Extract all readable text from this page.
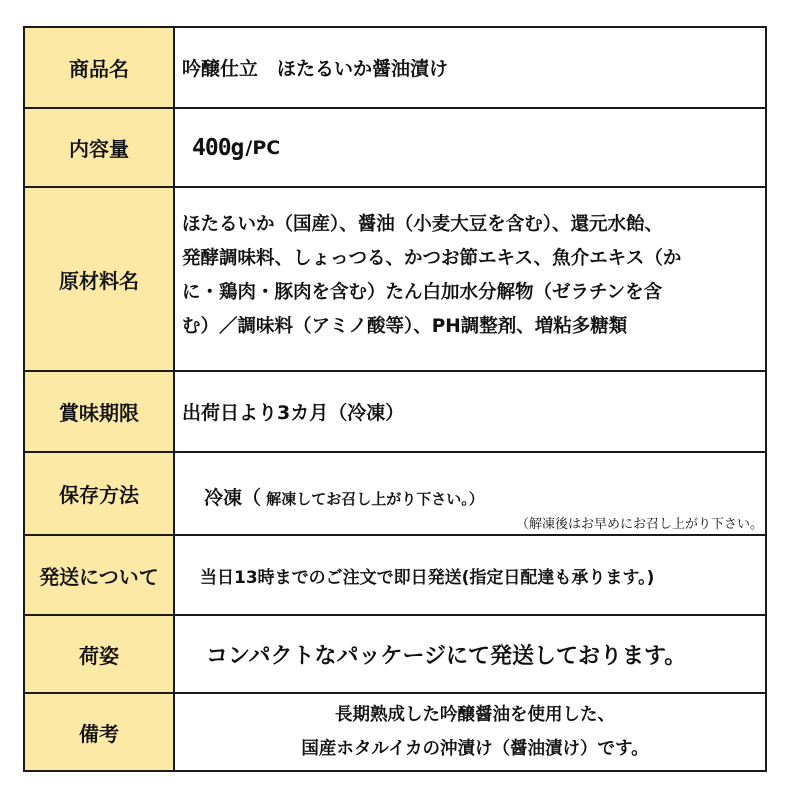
商品名	吟醸仕立　ほたるいか醤油漬け
内容量	400g /PC
原材料名
ほたるいか（国産）、醤油（小麦大豆を含む）、還元水飴、
発酵調味料、しょっつる、かつお節エキス、魚介エキス（か
に・鶏肉・豚肉を含む）たん白加水分解物（ゼラチンを含
む）／調味料（アミノ酸等）、PH調整剤、増粘多糖類
賞味期限	出荷日より3カ月（冷凍）
保存方法	冷凍（ 解凍してお召し上がり下さい。）
（解凍後はお早めにお召し上がり下さい。
発送について	当日13時までのご注文で即日発送(指定日配達も承ります。)
荷姿	コンパクトなパッケージにて発送しております。
備考
長期熟成した吟醸醤油を使用した、
国産ホタルイカの沖漬け（醤油漬け）です。
